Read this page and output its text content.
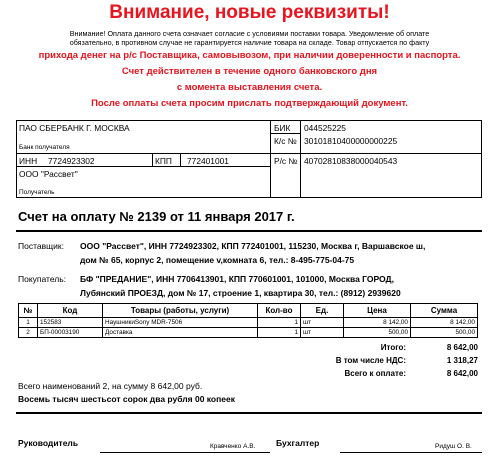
Внимание, новые реквизиты!
Внимание! Оплата данного счета означает согласие с условиями поставки товара. Уведомление об оплате
обязательно, в противном случае не гарантируется наличие товара на складе. Товар отпускается по факту
прихода денег на р/с Поставщика, самовывозом, при наличии доверенности и паспорта.
Счет действителен в течение одного банковского дня
с момента выставления счета.
После оплаты счета просим прислать подтверждающий документ.
ПАО СБЕРБАНК Г. МОСКВА
Банк получателя
БИК 044525225
К/с № 30101810400000000225
ИНН 7724923302	КПП 772401001	Р/с № 40702810838000040543
ООО "Рассвет"
Получатель
Счет на оплату № 2139 от 11 января 2017 г.
Поставщик: ООО "Рассвет", ИНН 7724923302, КПП 772401001, 115230, Москва г, Варшавское ш,
дом № 65, корпус 2, помещение v,комната 6, тел.: 8-495-775-04-75
Покупатель: БФ "ПРЕДАНИЕ", ИНН 7706413901, КПП 770601001, 101000, Москва ГОРОД,
Лубянский ПРОЕЗД, дом № 17, строение 1, квартира 30, тел.: (8912) 2939620
№	Код	Товары (работы, услуги)	Кол-во	Ед.	Цена	Сумма
1	152583	НаушникиSony MDR-7506	1	шт	8 142,00	8 142,00
2	БП-00003190	Доставка	1	шт	500,00	500,00
Итого:	8 642,00
В том числе НДС:	1 318,27
Всего к оплате:	8 642,00
Всего наименований 2, на сумму 8 642,00 руб.
Восемь тысяч шестьсот сорок два рубля 00 копеек
Руководитель	Кравченко А.В. Бухгалтер	Ридуш О. В.
